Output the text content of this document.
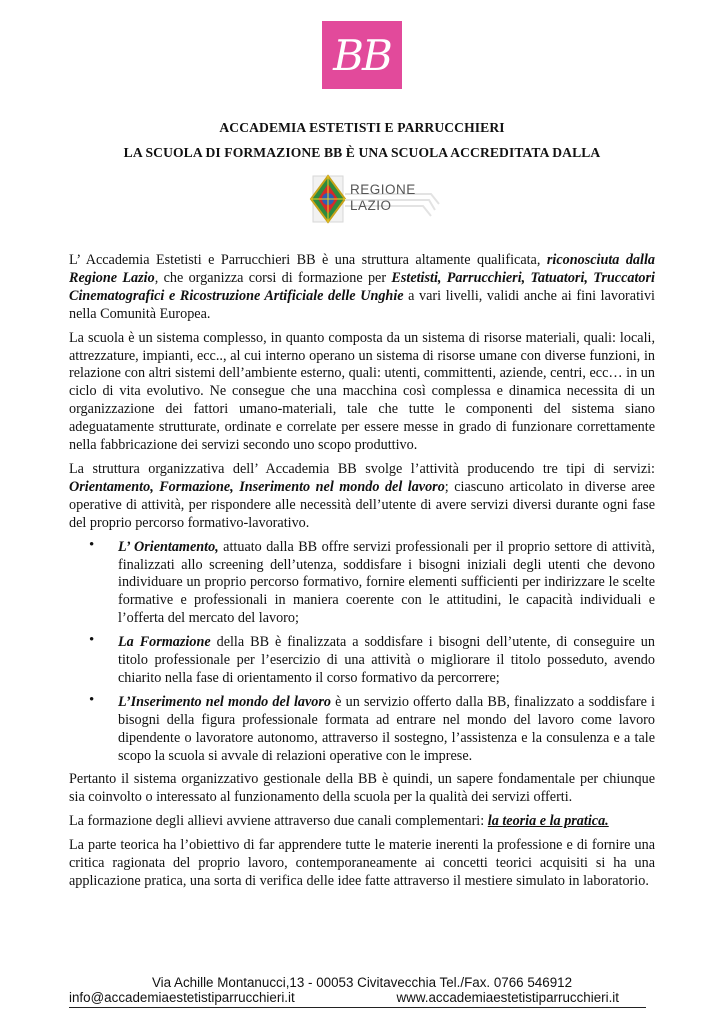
BB
ACCADEMIA ESTETISTI E PARRUCCHIERI
LA SCUOLA DI FORMAZIONE BB È UNA SCUOLA ACCREDITATA DALLA
REGIONE
LAZIO

L’ Accademia Estetisti e Parrucchieri BB è una struttura altamente qualificata, riconosciuta dalla Regione Lazio, che organizza corsi di formazione per Estetisti, Parrucchieri, Tatuatori, Truccatori Cinematografici e Ricostruzione Artificiale delle Unghie a vari livelli, validi anche ai fini lavorativi nella Comunità Europea.

La scuola è un sistema complesso, in quanto composta da un sistema di risorse materiali, quali: locali, attrezzature, impianti, ecc.., al cui interno operano un sistema di risorse umane con diverse funzioni, in relazione con altri sistemi dell’ambiente esterno, quali: utenti, committenti, aziende, centri, ecc… in un ciclo di vita evolutivo. Ne consegue che una macchina così complessa e dinamica necessita di un organizzazione dei fattori umano-materiali, tale che tutte le componenti del sistema siano adeguatamente strutturate, ordinate e correlate per essere messe in grado di funzionare correttamente nella fabbricazione dei servizi secondo uno scopo produttivo.

La struttura organizzativa dell’ Accademia BB svolge l’attività producendo tre tipi di servizi: Orientamento, Formazione, Inserimento nel mondo del lavoro; ciascuno articolato in diverse aree operative di attività, per rispondere alle necessità dell’utente di avere servizi diversi durante ogni fase del proprio percorso formativo-lavorativo.

• L’ Orientamento, attuato dalla BB offre servizi professionali per il proprio settore di attività, finalizzati allo screening dell’utenza, soddisfare i bisogni iniziali degli utenti che devono individuare un proprio percorso formativo, fornire elementi sufficienti per indirizzare le scelte formative e professionali in maniera coerente con le attitudini, le capacità individuali e l’offerta del mercato del lavoro;
• La Formazione della BB è finalizzata a soddisfare i bisogni dell’utente, di conseguire un titolo professionale per l’esercizio di una attività o migliorare il titolo posseduto, avendo chiarito nella fase di orientamento il corso formativo da percorrere;
• L’Inserimento nel mondo del lavoro è un servizio offerto dalla BB, finalizzato a soddisfare i bisogni della figura professionale formata ad entrare nel mondo del lavoro come lavoro dipendente o lavoratore autonomo, attraverso il sostegno, l’assistenza e la consulenza e a tale scopo la scuola si avvale di relazioni operative con le imprese.

Pertanto il sistema organizzativo gestionale della BB è quindi, un sapere fondamentale per chiunque sia coinvolto o interessato al funzionamento della scuola per la qualità dei servizi offerti.

La formazione degli allievi avviene attraverso due canali complementari: la teoria e la pratica.

La parte teorica ha l’obiettivo di far apprendere tutte le materie inerenti la professione e di fornire una critica ragionata del proprio lavoro, contemporaneamente ai concetti teorici acquisiti si ha una applicazione pratica, una sorta di verifica delle idee fatte attraverso il mestiere simulato in laboratorio.

Via Achille Montanucci,13 - 00053 Civitavecchia Tel./Fax. 0766 546912
info@accademiaestetistiparrucchieri.it	www.accademiaestetistiparrucchieri.it
